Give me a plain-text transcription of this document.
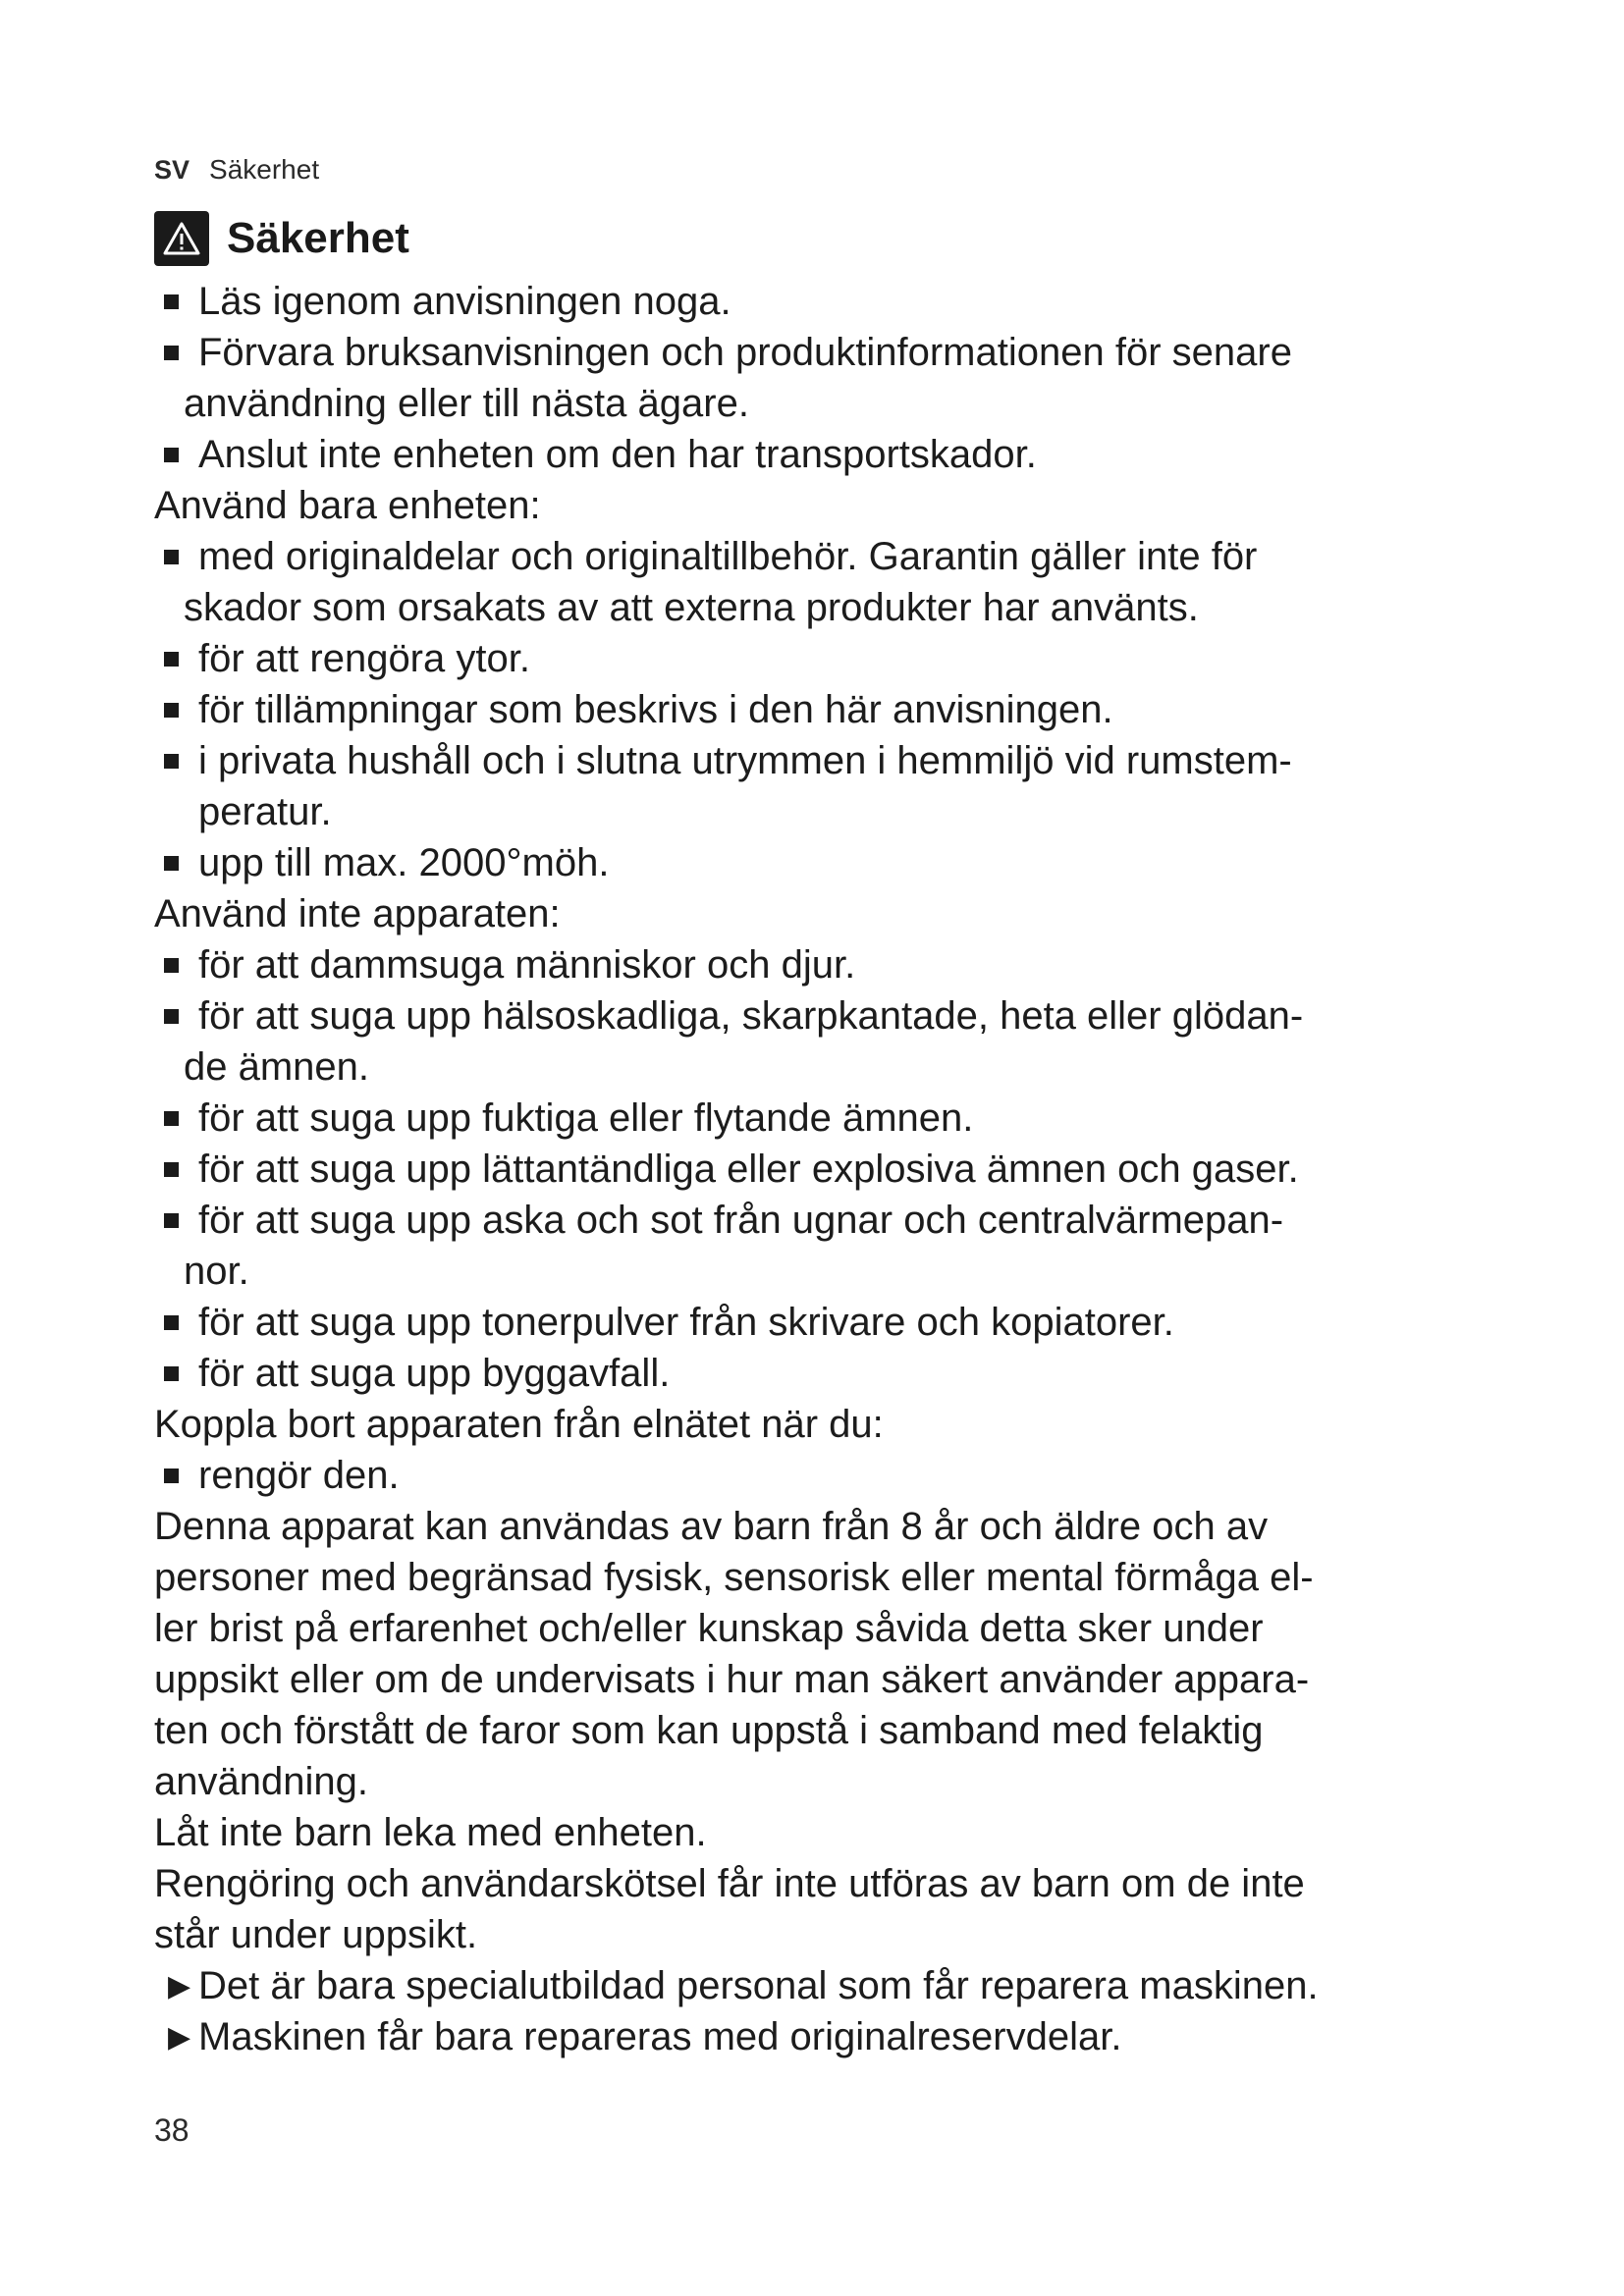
SV Säkerhet
Säkerhet
Läs igenom anvisningen noga.
Förvara bruksanvisningen och produktinformationen för senare
användning eller till nästa ägare.
Anslut inte enheten om den har transportskador.

Använd bara enheten:

med originaldelar och originaltillbehör. Garantin gäller inte för
skador som orsakats av att externa produkter har använts.
för att rengöra ytor.
för tillämpningar som beskrivs i den här anvisningen.
i privata hushåll och i slutna utrymmen i hemmiljö vid rumstem-
peratur.
upp till max. 2000°möh.

Använd inte apparaten:

för att dammsuga människor och djur.
för att suga upp hälsoskadliga, skarpkantade, heta eller glödan-
de ämnen.
för att suga upp fuktiga eller flytande ämnen.
för att suga upp lättantändliga eller explosiva ämnen och gaser.
för att suga upp aska och sot från ugnar och centralvärmepan-
nor.
för att suga upp tonerpulver från skrivare och kopiatorer.
för att suga upp byggavfall.

Koppla bort apparaten från elnätet när du:

rengör den.

Denna apparat kan användas av barn från 8 år och äldre och av
personer med begränsad fysisk, sensorisk eller mental förmåga el-
ler brist på erfarenhet och/eller kunskap såvida detta sker under
uppsikt eller om de undervisats i hur man säkert använder appara-
ten och förstått de faror som kan uppstå i samband med felaktig
användning.

Låt inte barn leka med enheten.

Rengöring och användarskötsel får inte utföras av barn om de inte
står under uppsikt.

▶ Det är bara specialutbildad personal som får reparera maskinen.
▶ Maskinen får bara repareras med originalreservdelar.
38
